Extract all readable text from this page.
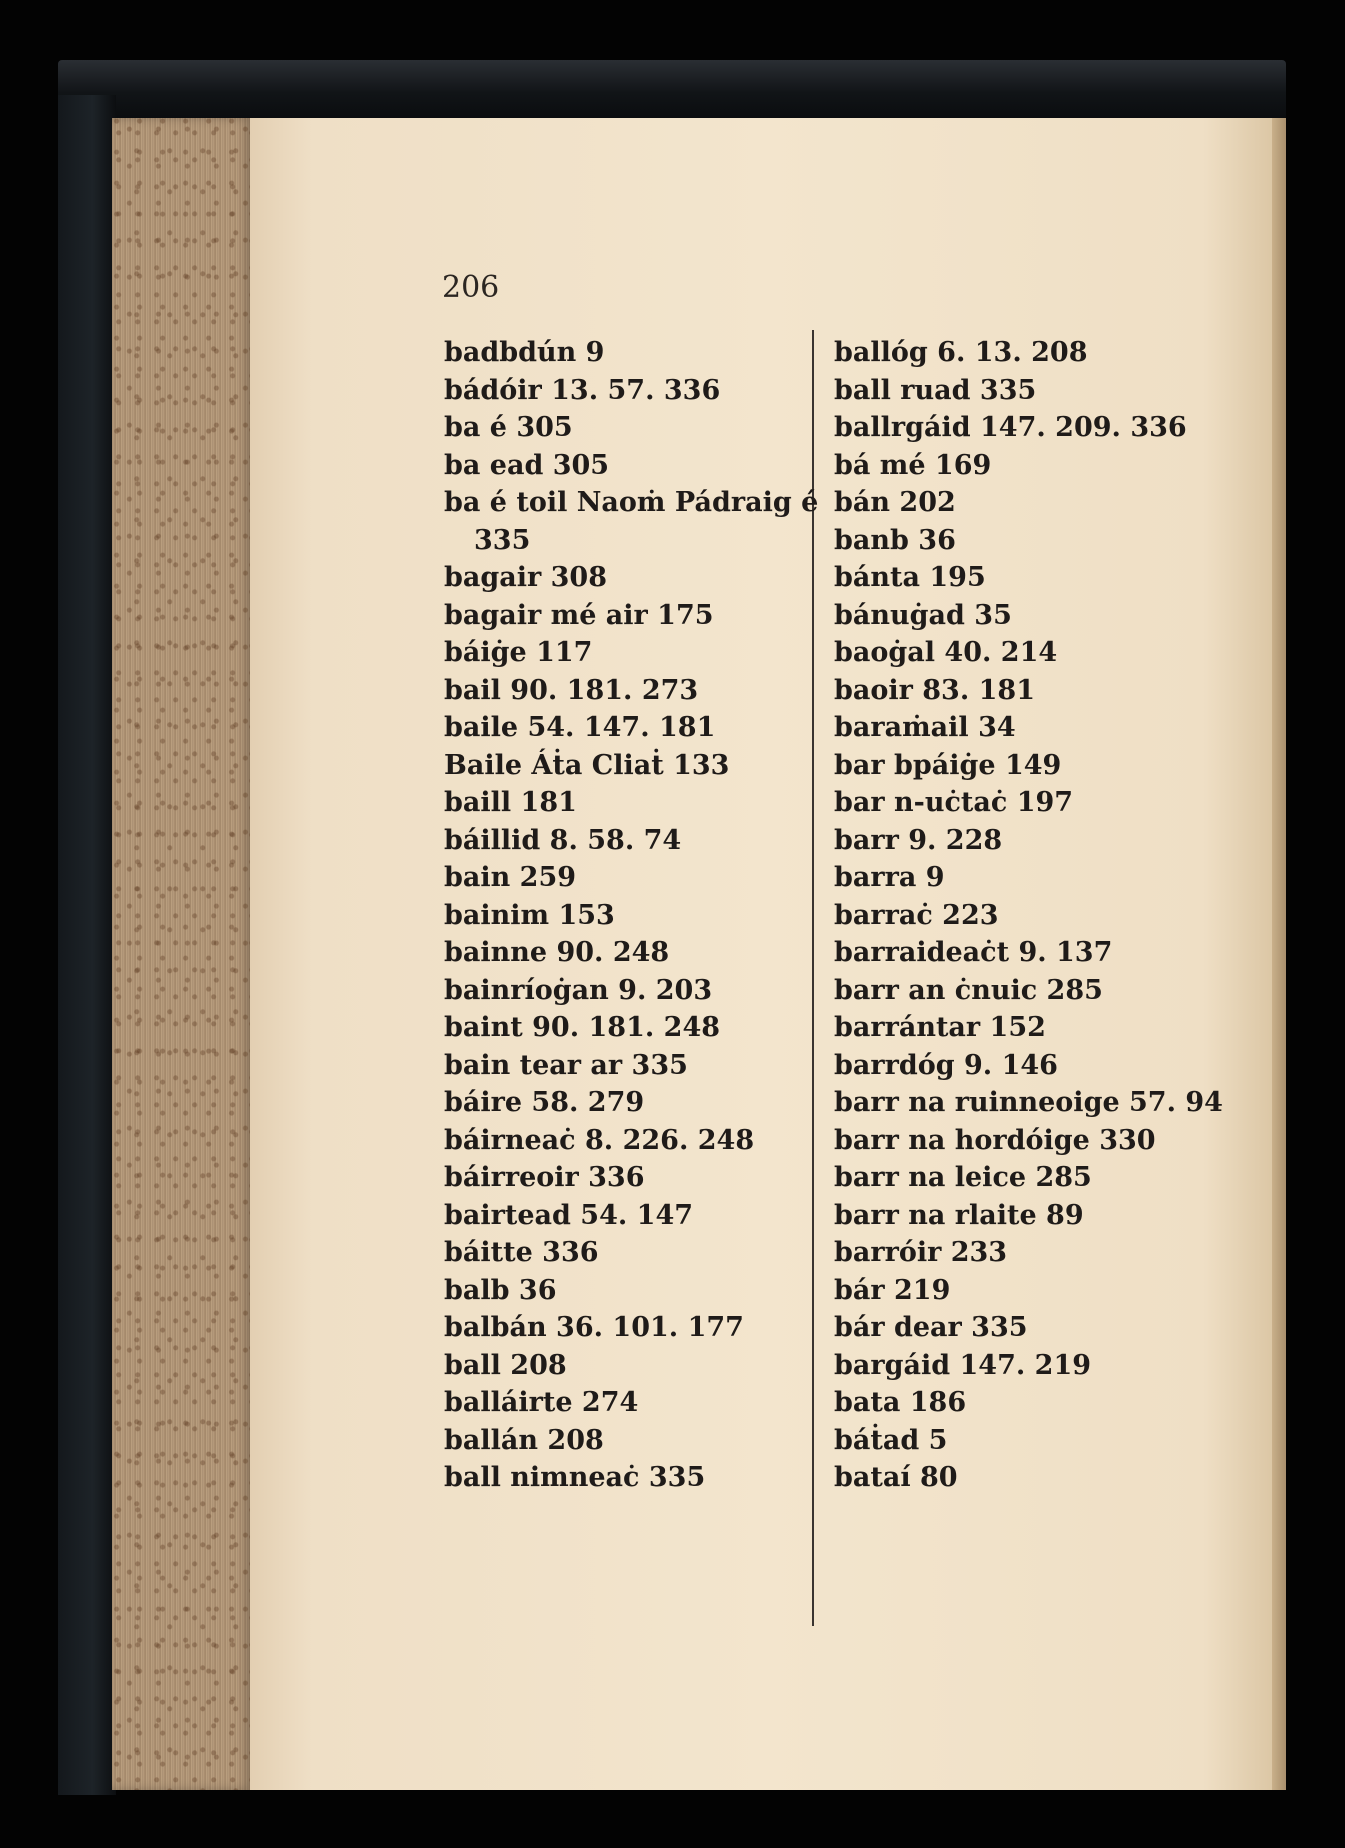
206
badbdún 9
bádóir 13. 57. 336
ba é 305
ba ead 305
ba é toil Naoṁ Pádraig é
335
bagair 308
bagair mé air 175
báiġe 117
bail 90. 181. 273
baile 54. 147. 181
Baile Áṫa Cliaṫ 133
baill 181
báillid 8. 58. 74
bain 259
bainim 153
bainne 90. 248
bainríoġan 9. 203
baint 90. 181. 248
bain tear ar 335
báire 58. 279
báirneaċ 8. 226. 248
báirreoir 336
bairtead 54. 147
báitte 336
balb 36
balbán 36. 101. 177
ball 208
balláirte 274
ballán 208
ball nimneaċ 335
ballóg 6. 13. 208
ball ruad 335
ballrgáid 147. 209. 336
bá mé 169
bán 202
banb 36
bánta 195
bánuġad 35
baoġal 40. 214
baoir 83. 181
baraṁail 34
bar bpáiġe 149
bar n-uċtaċ 197
barr 9. 228
barra 9
barraċ 223
barraideaċt 9. 137
barr an ċnuic 285
barrántar 152
barrdóg 9. 146
barr na ruinneoige 57. 94
barr na hordóige 330
barr na leice 285
barr na rlaite 89
barróir 233
bár 219
bár dear 335
bargáid 147. 219
bata 186
báṫad 5
bataí 80
